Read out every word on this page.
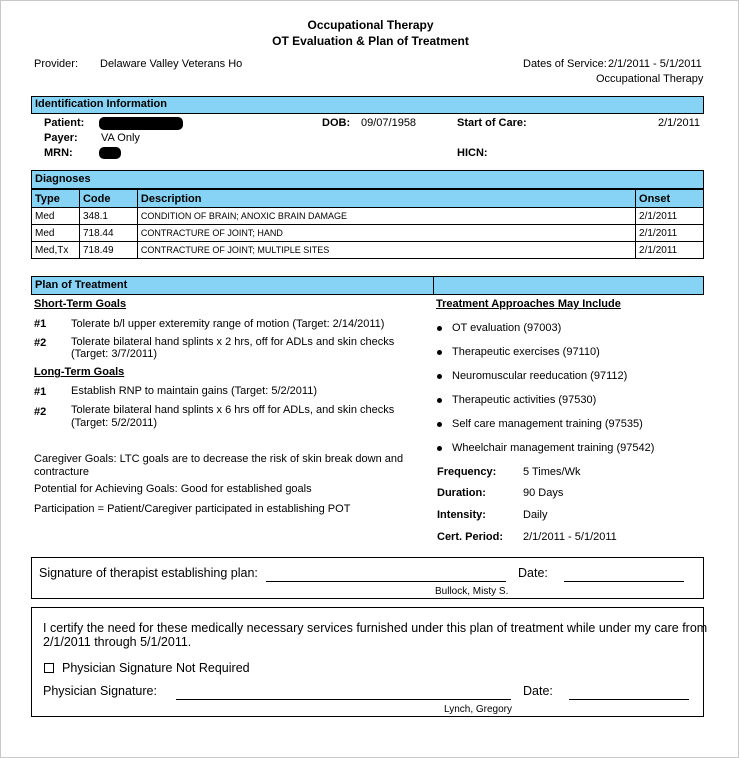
Occupational Therapy
OT Evaluation & Plan of Treatment
Provider: Delaware Valley Veterans Ho	Dates of Service: 2/1/2011 - 5/1/2011
Occupational Therapy
Identification Information
Patient:
Payer: VA Only
MRN:
DOB: 09/07/1958	Start of Care:	2/1/2011
HICN:
Diagnoses
Type	Code	Description	Onset
Med	348.1	CONDITION OF BRAIN; ANOXIC BRAIN DAMAGE	2/1/2011
Med	718.44	CONTRACTURE OF JOINT; HAND	2/1/2011
Med,Tx	718.49	CONTRACTURE OF JOINT; MULTIPLE SITES	2/1/2011
Plan of Treatment
Short-Term Goals
#1 Tolerate b/l upper exteremity range of motion (Target: 2/14/2011)
#2 Tolerate bilateral hand splints x 2 hrs, off for ADLs and skin checks
(Target: 3/7/2011)
Long-Term Goals
#1 Establish RNP to maintain gains (Target: 5/2/2011)
#2 Tolerate bilateral hand splints x 6 hrs off for ADLs, and skin checks
(Target: 5/2/2011)
Caregiver Goals: LTC goals are to decrease the risk of skin break down and
contracture
Potential for Achieving Goals: Good for established goals
Participation = Patient/Caregiver participated in establishing POT
Treatment Approaches May Include
OT evaluation (97003)
Therapeutic exercises (97110)
Neuromuscular reeducation (97112)
Therapeutic activities (97530)
Self care management training (97535)
Wheelchair management training (97542)
Frequency: 5 Times/Wk
Duration:	90 Days
Intensity:	Daily
Cert. Period: 2/1/2011 - 5/1/2011
Signature of therapist establishing plan:
Bullock, Misty S.
Date:
I certify the need for these medically necessary services furnished under this plan of treatment while under my care from
2/1/2011 through 5/1/2011.
Physician Signature Not Required
Physician Signature:
Lynch, Gregory
Date:
